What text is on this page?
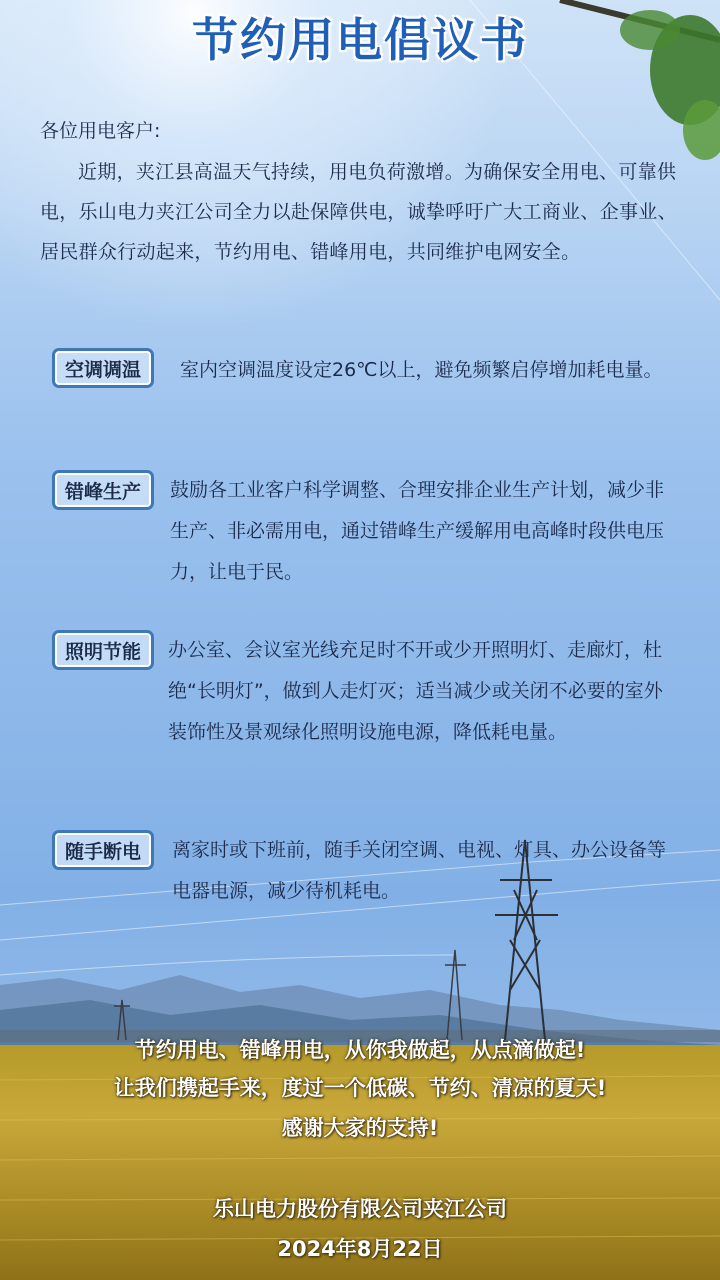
节约用电倡议书
各位用电客户:
近期，夹江县高温天气持续，用电负荷激增。为确保安全用电、可靠供电，乐山电力夹江公司全力以赴保障供电，诚挚呼吁广大工商业、企事业、居民群众行动起来，节约用电、错峰用电，共同维护电网安全。
空调调温	室内空调温度设定26℃以上，避免频繁启停增加耗电量。
错峰生产	鼓励各工业客户科学调整、合理安排企业生产计划，减少非生产、非必需用电，通过错峰生产缓解用电高峰时段供电压力，让电于民。
照明节能	办公室、会议室光线充足时不开或少开照明灯、走廊灯，杜绝“长明灯”，做到人走灯灭；适当减少或关闭不必要的室外装饰性及景观绿化照明设施电源，降低耗电量。
随手断电	离家时或下班前，随手关闭空调、电视、灯具、办公设备等电器电源，减少待机耗电。
节约用电、错峰用电，从你我做起，从点滴做起!
让我们携起手来，度过一个低碳、节约、清凉的夏天!
感谢大家的支持!
乐山电力股份有限公司夹江公司
2024年8月22日
